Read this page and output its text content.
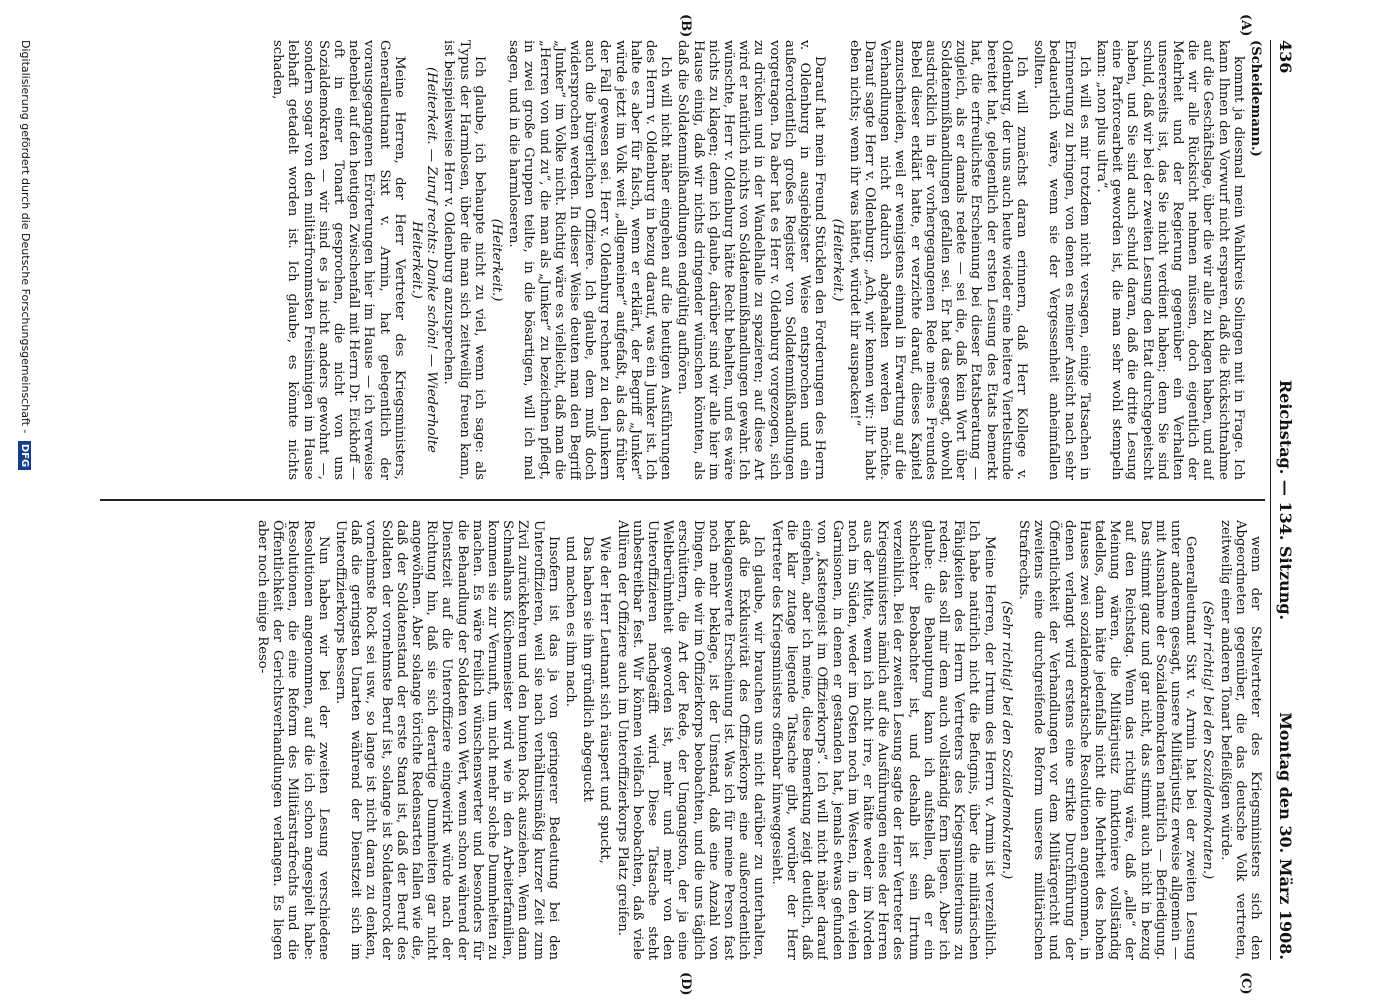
436
Reichstag. — 134. Sitzung.
Montag den 30. März 1908.
(A)
(B)
(C)
(D)

(Scheidemann.)

kommt ja diesmal mein Wahlkreis Solingen mit in Frage. Ich kann Ihnen den Vorwurf nicht ersparen, daß die Rücksichtnahme auf die Geschäftslage, über die wir alle zu klagen haben, und auf die wir alle Rücksicht nehmen müssen, doch eigentlich der Mehrheit und der Regierung gegenüber ein Verhalten unsererseits ist, das Sie nicht verdient haben; denn Sie sind schuld, daß wir bei der zweiten Lesung den Etat durchgepeitscht haben, und Sie sind auch schuld daran, daß die dritte Lesung eine Parforcearbeit geworden ist, die man sehr wohl stempeln kann: „non plus ultra“.

Ich will es mir trotzdem nicht versagen, einige Tatsachen in Erinnerung zu bringen, von denen es meiner Ansicht nach sehr bedauerlich wäre, wenn sie der Vergessenheit anheimfallen sollten.

Ich will zunächst daran erinnern, daß Herr Kollege v. Oldenburg, der uns auch heute wieder eine heitere Viertelstunde bereitet hat, gelegentlich der ersten Lesung des Etats bemerkt hat, die erfreulichste Erscheinung bei dieser Etatsberatung — zugleich, als er damals redete — sei die, daß kein Wort über Soldatenmißhandlungen gefallen sei. Er hat das gesagt, obwohl ausdrücklich in der vorhergegangenen Rede meines Freundes Bebel dieser erklärt hatte, er verzichte darauf, dieses Kapitel anzuschneiden, weil er wenigstens einmal in Erwartung auf die Verhandlungen nicht dadurch abgehalten werden möchte. Darauf sagte Herr v. Oldenburg: „Ach, wir kennen wir: ihr habt eben nichts; wenn ihr was hättet, würdet ihr auspacken!“

(Heiterkeit.)

Darauf hat mein Freund Stücklen den Forderungen des Herrn v. Oldenburg in ausgiebigster Weise entsprochen und ein außerordentlich großes Register von Soldatenmißhandlungen vorgetragen. Da aber hat es Herr v. Oldenburg vorgezogen, sich zu drücken und in der Wandelhalle zu spazieren; auf diese Art wird er natürlich nichts von Soldatenmißhandlungen gewahr. Ich wünschte, Herr v. Oldenburg hätte Recht behalten, und es wäre nichts zu klagen; denn ich glaube, darüber sind wir alle hier im Hause einig, daß wir nichts dringender wünschen könnten, als daß die Soldatenmißhandlungen endgültig aufhören.

Ich will nicht näher eingehen auf die heutigen Ausführungen des Herrn v. Oldenburg in bezug darauf, was ein Junker ist. Ich halte es aber für falsch, wenn er erklärt, der Begriff „Junker“ würde jetzt im Volk weit „allgemeiner“ aufgefaßt, als das früher der Fall gewesen sei. Herr v. Oldenburg rechnet zu den Junkern auch die bürgerlichen Offiziere. Ich glaube, dem muß doch widersprochen werden. In dieser Weise deuten man den Begriff „Junker“ im Volke nicht. Richtig wäre es vielleicht, daß man die „Herren von und zu“, die man als „Junker“ zu bezeichnen pflegt, in zwei große Gruppen teilte, in die bösartigen, will ich mal sagen, und in die harmloseren.

(Heiterkeit.)

Ich glaube, ich behaupte nicht zu viel, wenn ich sage: als Typus der Harmlosen, über die man sich zeitweilig freuen kann, ist beispielsweise Herr v. Oldenburg anzusprechen.

(Heiterkeit. — Zuruf rechts: Danke schön! — Wiederholte Heiterkeit.)

Meine Herren, der Herr Vertreter des Kriegsministers, Generalleutnant Sixt v. Armin, hat gelegentlich der vorausgegangenen Erörterungen hier im Hause — ich verweise nebenbei auf den heutigen Zwischenfall mit Herrn Dr. Eickhoff — oft in einer Tonart gesprochen, die nicht von uns Sozialdemokraten — wir sind es ja nicht anders gewohnt —, sondern sogar von den militärfrommsten Freisinnigen im Hause lebhaft getadelt worden ist. Ich glaube, es könnte nichts schaden,

wenn der Stellvertreter des Kriegsministers sich den Abgeordneten gegenüber, die das deutsche Volk vertreten, zeitweilig einer anderen Tonart befleißigen würde.

(Sehr richtig! bei den Sozialdemokraten.)

Generalleutnant Sixt v. Armin hat bei der zweiten Lesung unter anderem gesagt, unsere Militärjustiz erweise allgemein — mit Ausnahme der Sozialdemokraten natürlich — Befriedigung. Das stimmt ganz und gar nicht, das stimmt auch nicht in bezug auf den Reichstag. Wenn das richtig wäre, daß „alle“ der Meinung wären, die Militärjustiz funktioniere vollständig tadellos, dann hätte jedenfalls nicht die Mehrheit des hohen Hauses zwei sozialdemokratische Resolutionen angenommen, in denen verlangt wird erstens eine strikte Durchführung der Öffentlichkeit der Verhandlungen vor dem Militärgericht und zweitens eine durchgreifende Reform unseres militärischen Strafrechts.

(Sehr richtig! bei den Sozialdemokraten.)

Meine Herren, der Irrtum des Herrn v. Armin ist verzeihlich. Ich habe natürlich nicht die Befugnis, über die militärischen Fähigkeiten des Herrn Vertreters des Kriegsministeriums zu reden; das soll mir dem auch vollständig fern liegen. Aber ich glaube: die Behauptung kann ich aufstellen, daß er ein schlechter Beobachter ist, und deshalb ist sein Irrtum verzeihlich. Bei der zweiten Lesung sagte der Herr Vertreter des Kriegsministers nämlich auf die Ausführungen eines der Herren aus der Mitte, wenn ich nicht irre, er hätte weder im Norden noch im Süden, weder im Osten noch im Westen, in den vielen Garnisonen, in denen er gestanden hat, jemals etwas gefunden von „Kastengeist im Offizierkorps“. Ich will nicht näher darauf eingehen, aber ich meine, diese Bemerkung zeigt deutlich, daß die klar zutage liegende Tatsache gibt, worüber der Herr Vertreter des Kriegsministers offenbar hinweggesieht.

Ich glaube, wir brauchen uns nicht darüber zu unterhalten, daß die Exklusivität des Offizierkorps eine außerordentlich beklagenswerte Erscheinung ist. Was ich für meine Person fast noch mehr beklage, ist der Umstand, daß eine Anzahl von Dingen, die wir im Offizierkorps beobachten, und die uns täglich erschüttern, die Art der Rede, der Umgangston, der ja eine Weltberühmtheit geworden ist, mehr und mehr von den Unteroffizieren nachgeäfft wird. Diese Tatsache steht unbestreitbar fest. Wir können vielfach beobachten, daß viele Allüren der Offiziere auch im Unteroffizierkorps Platz greifen.

Wie der Herr Leutnant sich räuspert und spuckt,

Das haben sie ihm gründlich abgeguckt

und machen es ihm nach.

Insofern ist das ja von geringerer Bedeutung bei den Unteroffizieren, weil sie nach verhältnismäßig kurzer Zeit zum Zivil zurückkehren und den bunten Rock ausziehen. Wenn dann Schmalhans Küchenmeister wird wie in den Arbeiterfamilien, kommen sie zur Vernunft, um nicht mehr solche Dummheiten zu machen. Es wäre freilich wünschenswerter und besonders für die Behandlung der Soldaten von Wert, wenn schon während der Dienstzeit auf die Unteroffiziere eingewirkt würde nach der Richtung hin, daß sie sich derartige Dummheiten gar nicht angewöhnen. Aber solange törichte Redensarten fallen wie die, daß der Soldatenstand der erste Stand ist, daß der Beruf des Soldaten der vornehmste Beruf ist, solange ist Soldatenrock der vornehmste Rock sei usw., so lange ist nicht daran zu denken, daß die geringsten Unarten während der Dienstzeit sich im Unteroffizierkorps bessern.

Nun haben wir bei der zweiten Lesung verschiedene Resolutionen angenommen, auf die ich schon angespielt habe: Resolutionen, die eine Reform des Militärstrafrechts und die Öffentlichkeit der Gerichtsverhandlungen verlangen. Es liegen aber noch einige Reso-

Digitalisierung gefördert durch die Deutsche Forschungsgemeinschaft - DFG
